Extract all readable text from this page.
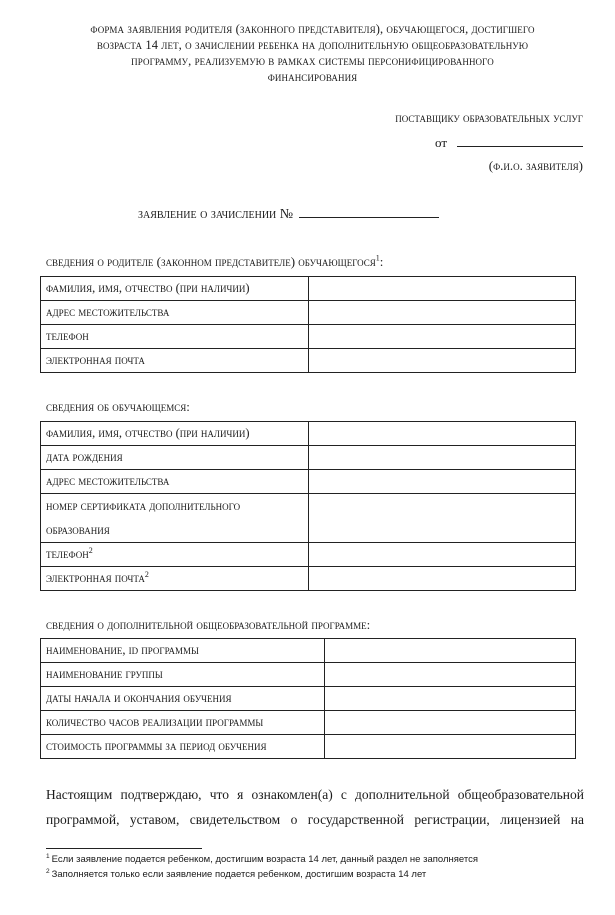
форма заявления родителя (законного представителя), обучающегося, достигшего
возраста 14 лет, о зачислении ребенка на дополнительную общеобразовательную
программу, реализуемую в рамках системы персонифицированного
финансирования
поставщику образовательных услуг
от
(ф.и.о. заявителя)
заявление о зачислении №
сведения о родителе (законном представителе) обучающегося$^1$:
фамилия, имя, отчество (при наличии)	
адрес местожительства	
телефон	
электронная почта	
сведения об обучающемся:
фамилия, имя, отчество (при наличии)	
дата рождения	
адрес местожительства	
номер сертификата дополнительного
образования	
телефон$^2$	
электронная почта$^2$	
сведения о дополнительной общеобразовательной программе:
наименование, id программы	
наименование группы	
даты начала и окончания обучения	
количество часов реализации программы	
стоимость программы за период обучения	
Настоящим подтверждаю, что я ознакомлен(а) с дополнительной общеобразовательной
программой, уставом, свидетельством о государственной регистрации, лицензией на
$^1$ Если заявление подается ребенком, достигшим возраста 14 лет, данный раздел не заполняется
$^2$ Заполняется только если заявление подается ребенком, достигшим возраста 14 лет
